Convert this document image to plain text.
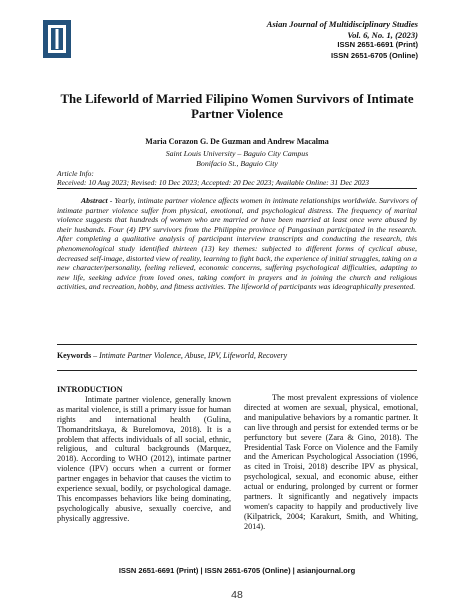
Asian Journal of Multidisciplinary Studies
Vol. 6, No. 1, (2023)
ISSN 2651-6691 (Print)
ISSN 2651-6705 (Online)
The Lifeworld of Married Filipino Women Survivors of Intimate Partner Violence
Maria Corazon G. De Guzman and Andrew Macalma
Saint Louis University – Baguio City Campus
Bonifacio St., Baguio City
Article Info:
Received: 10 Aug 2023; Revised: 10 Dec 2023; Accepted: 20 Dec 2023; Available Online: 31 Dec 2023
Abstract - Yearly, intimate partner violence affects women in intimate relationships worldwide. Survivors of intimate partner violence suffer from physical, emotional, and psychological distress. The frequency of marital violence suggests that hundreds of women who are married or have been married at least once were abused by their husbands. Four (4) IPV survivors from the Philippine province of Pangasinan participated in the research. After completing a qualitative analysis of participant interview transcripts and conducting the research, this phenomenological study identified thirteen (13) key themes: subjected to different forms of cyclical abuse, decreased self-image, distorted view of reality, learning to fight back, the experience of initial struggles, taking on a new character/personality, feeling relieved, economic concerns, suffering psychological difficulties, adapting to new life, seeking advice from loved ones, taking comfort in prayers and in joining the church and religious activities, and recreation, hobby, and fitness activities. The lifeworld of participants was ideographically presented.
Keywords – Intimate Partner Violence, Abuse, IPV, Lifeworld, Recovery
INTRODUCTION

Intimate partner violence, generally known as marital violence, is still a primary issue for human rights and international health (Gulina, Thomandritskaya, & Burelomova, 2018). It is a problem that affects individuals of all social, ethnic, religious, and cultural backgrounds (Marquez, 2018). According to WHO (2012), intimate partner violence (IPV) occurs when a current or former partner engages in behavior that causes the victim to experience sexual, bodily, or psychological damage. This encompasses behaviors like being dominating, psychologically abusive, sexually coercive, and physically aggressive.

The most prevalent expressions of violence directed at women are sexual, physical, emotional, and manipulative behaviors by a romantic partner. It can live through and persist for extended terms or be perfunctory but severe (Zara & Gino, 2018). The Presidential Task Force on Violence and the Family and the American Psychological Association (1996, as cited in Troisi, 2018) describe IPV as physical, psychological, sexual, and economic abuse, either actual or enduring, prolonged by current or former partners. It significantly and negatively impacts women's capacity to happily and productively live (Kilpatrick, 2004; Karakurt, Smith, and Whiting, 2014).

ISSN 2651-6691 (Print) | ISSN 2651-6705 (Online) | asianjournal.org
48
